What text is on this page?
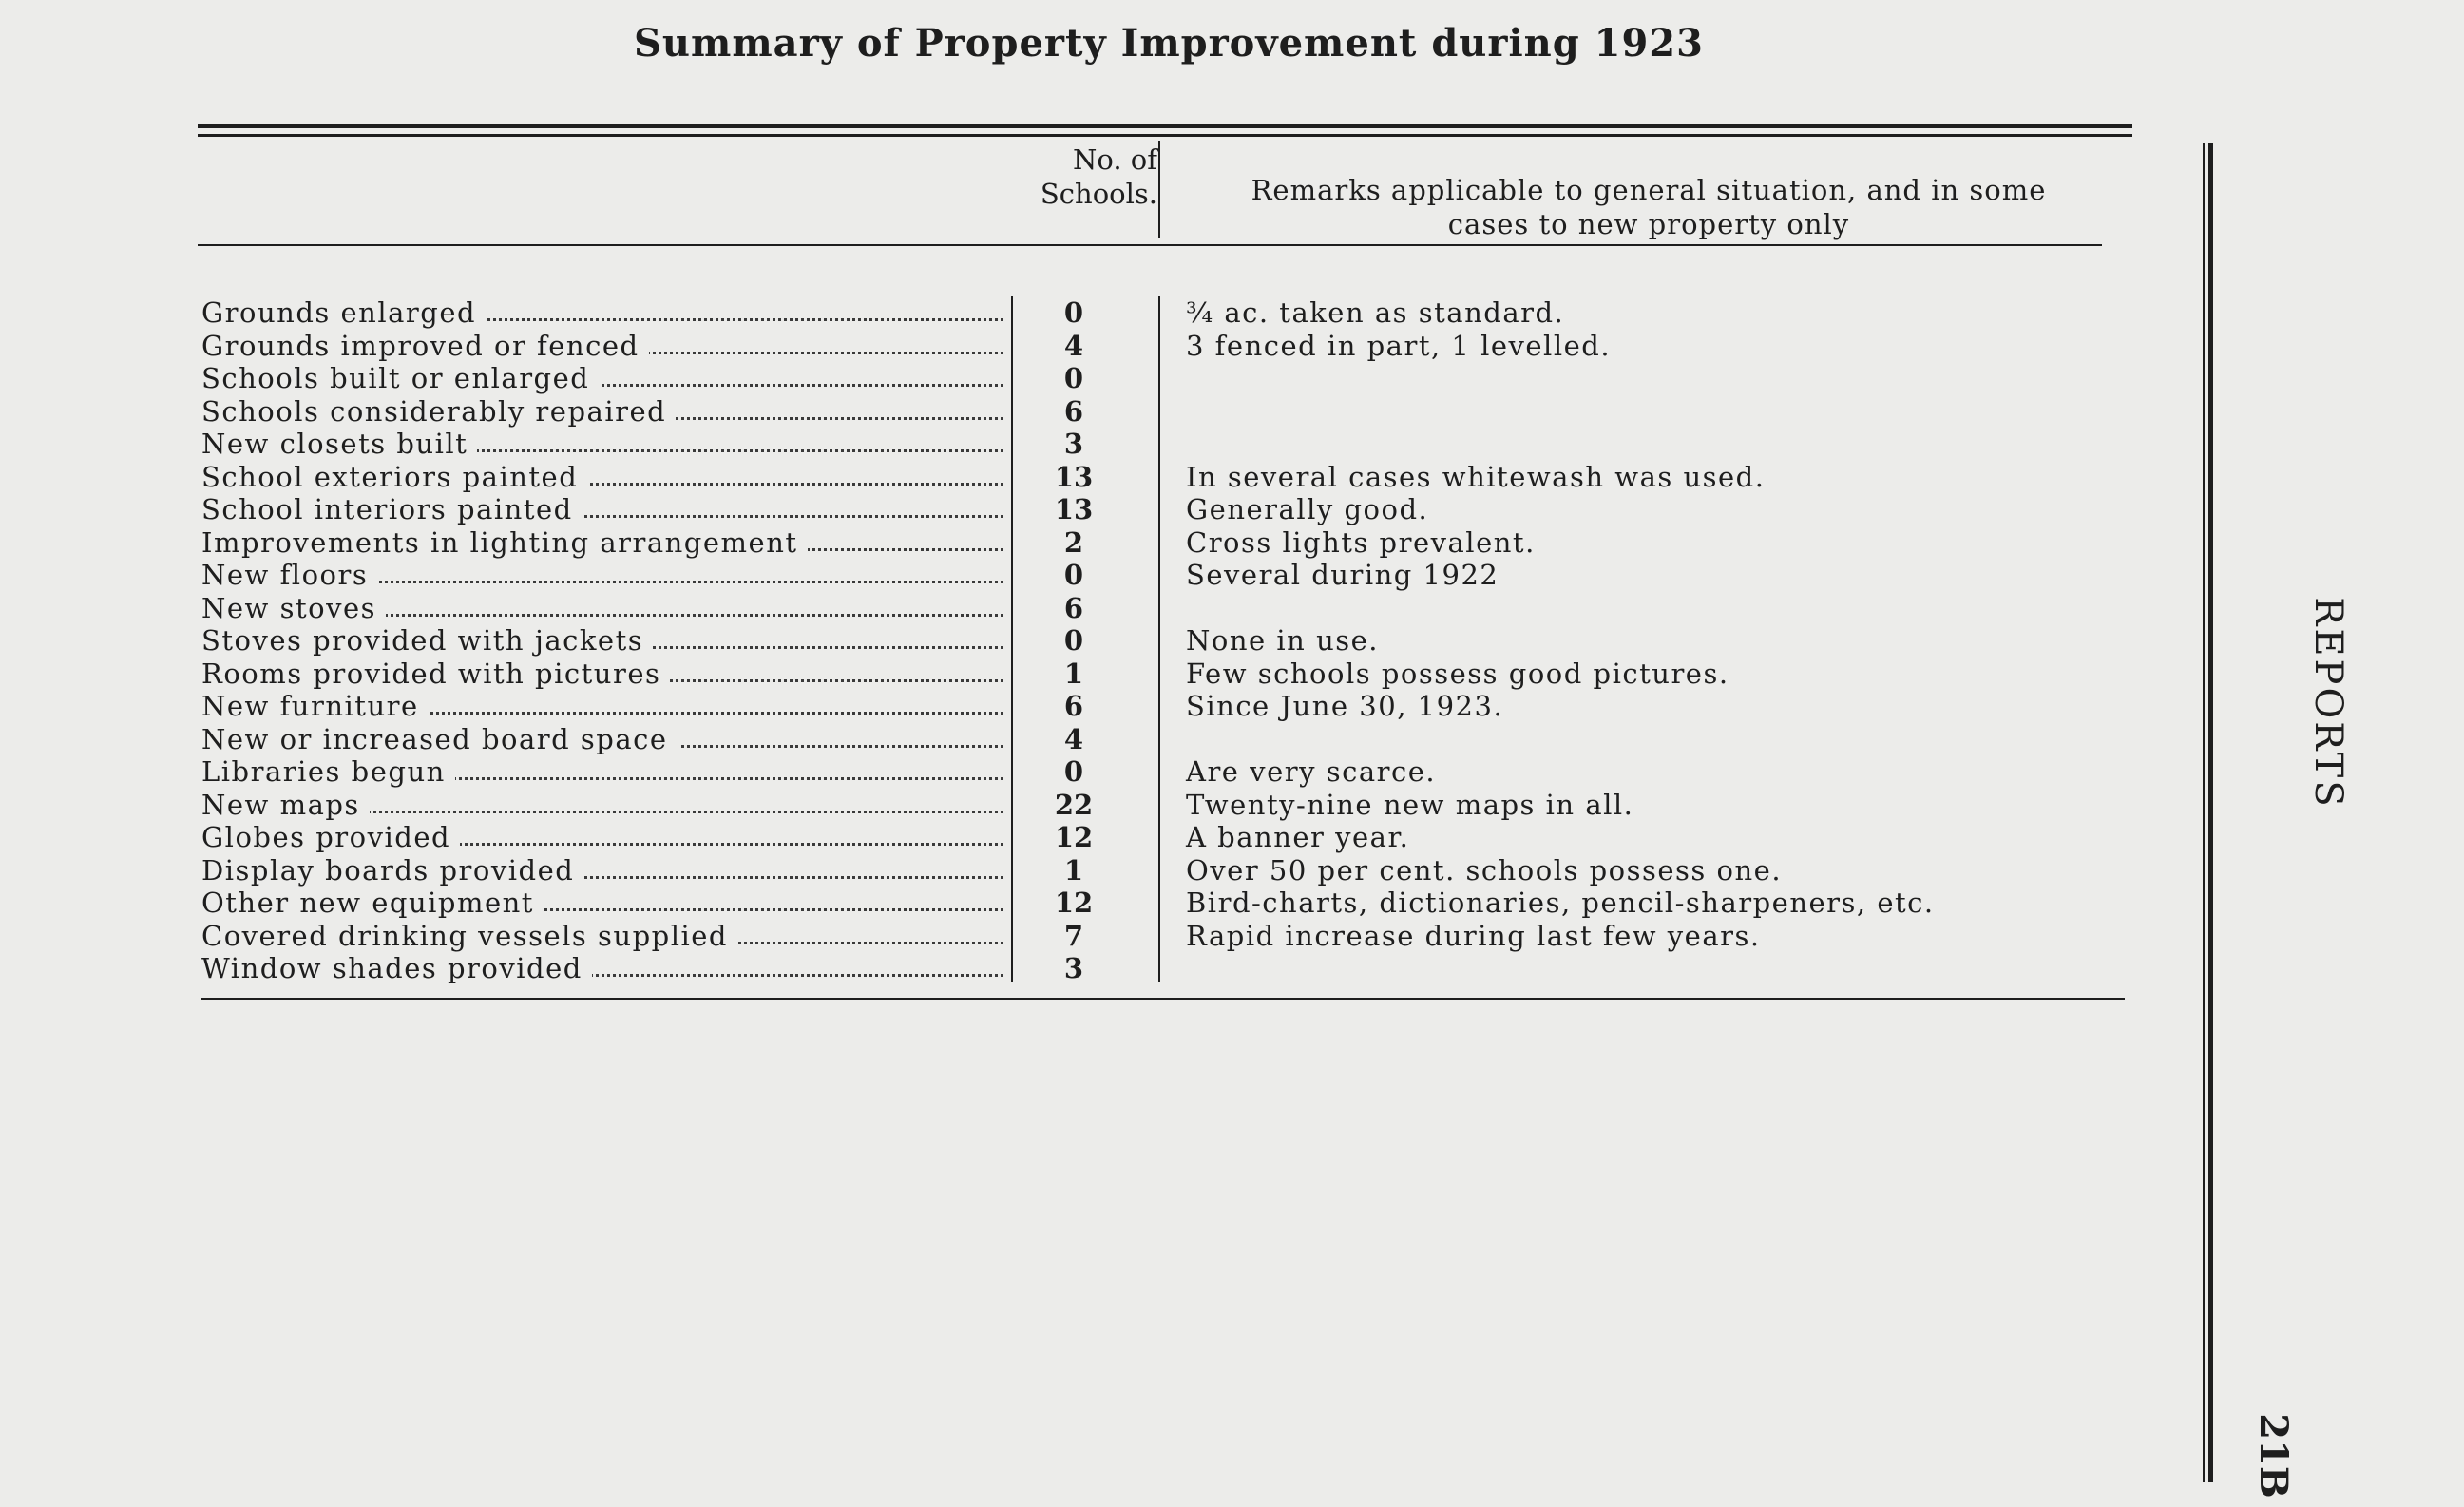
Summary of Property Improvement during 1923
No. of
Schools.	Remarks applicable to general situation, and in some
cases to new property only
Grounds enlarged	0	¾ ac. taken as standard.
Grounds improved or fenced	4	3 fenced in part, 1 levelled.
Schools built or enlarged	0
Schools considerably repaired	6
New closets built	3
School exteriors painted	13	In several cases whitewash was used.
School interiors painted	13	Generally good.
Improvements in lighting arrangement	2	Cross lights prevalent.
New floors	0	Several during 1922
New stoves	6
Stoves provided with jackets	0	None in use.
Rooms provided with pictures	1	Few schools possess good pictures.
New furniture	6	Since June 30, 1923.
New or increased board space	4
Libraries begun	0	Are very scarce.
New maps	22	Twenty-nine new maps in all.
Globes provided	12	A banner year.
Display boards provided	1	Over 50 per cent. schools possess one.
Other new equipment	12	Bird-charts, dictionaries, pencil-sharpeners, etc.
Covered drinking vessels supplied	7	Rapid increase during last few years.
Window shades provided	3
REPORTS
21B
